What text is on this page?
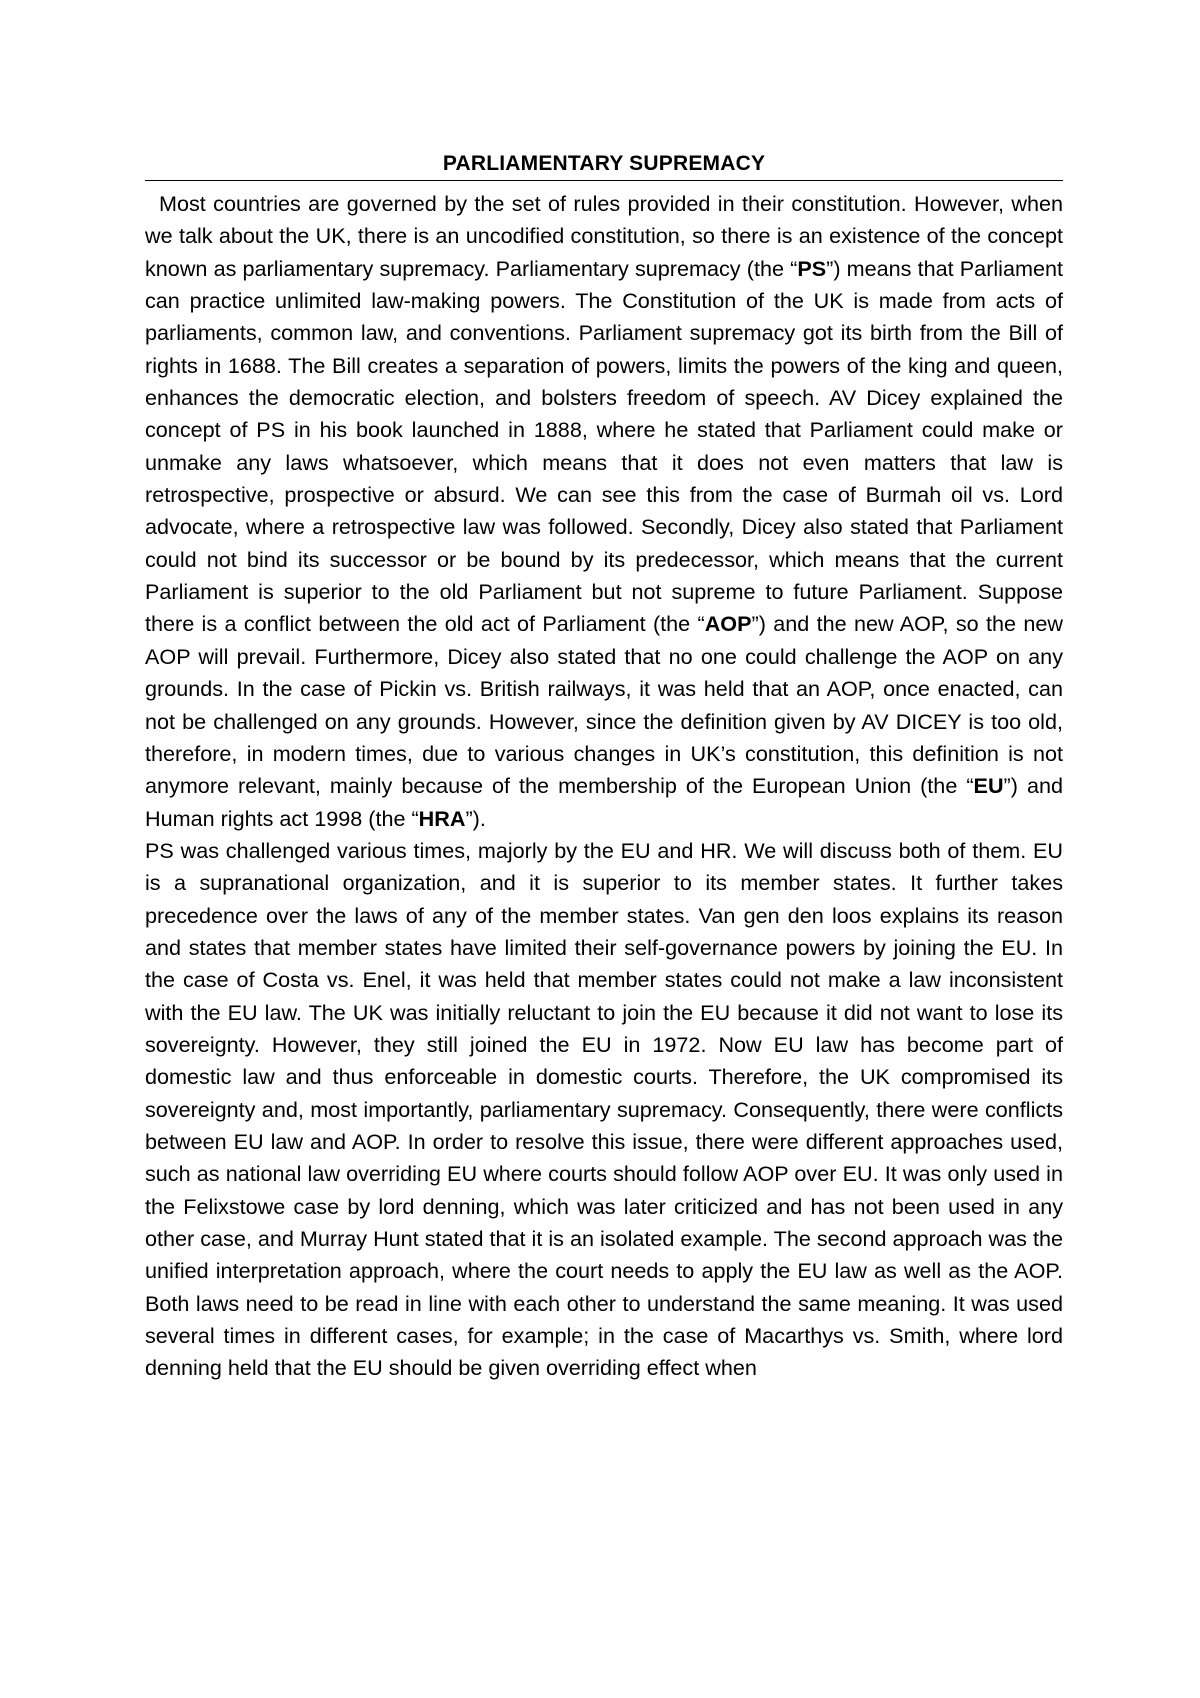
PARLIAMENTARY SUPREMACY

Most countries are governed by the set of rules provided in their constitution. However, when we talk about the UK, there is an uncodified constitution, so there is an existence of the concept known as parliamentary supremacy. Parliamentary supremacy (the “PS”) means that Parliament can practice unlimited law-making powers. The Constitution of the UK is made from acts of parliaments, common law, and conventions. Parliament supremacy got its birth from the Bill of rights in 1688. The Bill creates a separation of powers, limits the powers of the king and queen, enhances the democratic election, and bolsters freedom of speech. AV Dicey explained the concept of PS in his book launched in 1888, where he stated that Parliament could make or unmake any laws whatsoever, which means that it does not even matters that law is retrospective, prospective or absurd. We can see this from the case of Burmah oil vs. Lord advocate, where a retrospective law was followed. Secondly, Dicey also stated that Parliament could not bind its successor or be bound by its predecessor, which means that the current Parliament is superior to the old Parliament but not supreme to future Parliament. Suppose there is a conflict between the old act of Parliament (the “AOP”) and the new AOP, so the new AOP will prevail. Furthermore, Dicey also stated that no one could challenge the AOP on any grounds. In the case of Pickin vs. British railways, it was held that an AOP, once enacted, can not be challenged on any grounds. However, since the definition given by AV DICEY is too old, therefore, in modern times, due to various changes in UK’s constitution, this definition is not anymore relevant, mainly because of the membership of the European Union (the “EU”) and Human rights act 1998 (the “HRA”).

PS was challenged various times, majorly by the EU and HR. We will discuss both of them. EU is a supranational organization, and it is superior to its member states. It further takes precedence over the laws of any of the member states. Van gen den loos explains its reason and states that member states have limited their self-governance powers by joining the EU. In the case of Costa vs. Enel, it was held that member states could not make a law inconsistent with the EU law. The UK was initially reluctant to join the EU because it did not want to lose its sovereignty. However, they still joined the EU in 1972. Now EU law has become part of domestic law and thus enforceable in domestic courts. Therefore, the UK compromised its sovereignty and, most importantly, parliamentary supremacy. Consequently, there were conflicts between EU law and AOP. In order to resolve this issue, there were different approaches used, such as national law overriding EU where courts should follow AOP over EU. It was only used in the Felixstowe case by lord denning, which was later criticized and has not been used in any other case, and Murray Hunt stated that it is an isolated example. The second approach was the unified interpretation approach, where the court needs to apply the EU law as well as the AOP. Both laws need to be read in line with each other to understand the same meaning. It was used several times in different cases, for example; in the case of Macarthys vs. Smith, where lord denning held that the EU should be given overriding effect when
